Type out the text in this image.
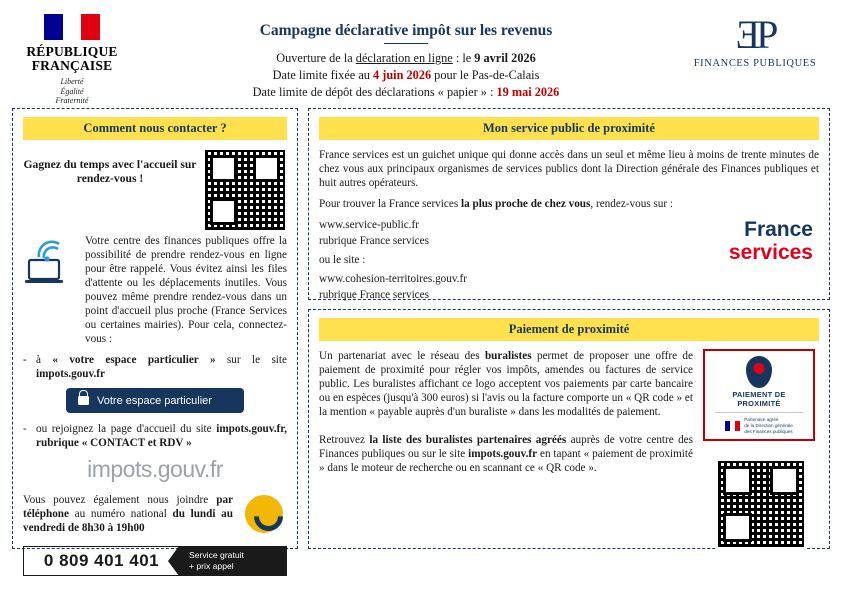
RÉPUBLIQUE
FRANÇAISE
Liberté
Égalité
Fraternité
Campagne déclarative impôt sur les revenus
Ouverture de la déclaration en ligne : le 9 avril 2026
Date limite fixée au 4 juin 2026 pour le Pas-de-Calais
Date limite de dépôt des déclarations « papier » : 19 mai 2026
ƎP
FINANCES PUBLIQUES
Comment nous contacter ?
Gagnez du temps avec l'accueil sur rendez-vous !

Votre centre des finances publiques offre la possibilité de prendre rendez-vous en ligne pour être rappelé. Vous évitez ainsi les files d'attente ou les déplacements inutiles. Vous pouvez même prendre rendez-vous dans un point d'accueil plus proche (France Services ou certaines mairies). Pour cela, connectez-vous :

- à « votre espace particulier » sur le site impots.gouv.fr
Votre espace particulier
- ou rejoignez la page d'accueil du site impots.gouv.fr, rubrique « CONTACT et RDV »
impots.gouv.fr
Vous pouvez également nous joindre par téléphone au numéro national du lundi au vendredi de 8h30 à 19h00
0 809 401 401	Service gratuit
+ prix appel
Mon service public de proximité

France services est un guichet unique qui donne accès dans un seul et même lieu à moins de trente minutes de chez vous aux principaux organismes de services publics dont la Direction générale des Finances publiques et huit autres opérateurs.

Pour trouver la France services la plus proche de chez vous, rendez-vous sur :

www.service-public.fr

rubrique France services

ou le site :

www.cohesion-territoires.gouv.fr

rubrique France services

France
services
Paiement de proximité

Un partenariat avec le réseau des buralistes permet de proposer une offre de paiement de proximité pour régler vos impôts, amendes ou factures de service public. Les buralistes affichant ce logo acceptent vos paiements par carte bancaire ou en espèces (jusqu'à 300 euros) si l'avis ou la facture comporte un « QR code » et la mention « payable auprès d'un buraliste » dans les modalités de paiement.

Retrouvez la liste des buralistes partenaires agréés auprès de votre centre des Finances publiques ou sur le site impots.gouv.fr en tapant « paiement de proximité » dans le moteur de recherche ou en scannant ce « QR code ».

PAIEMENT DE
PROXIMITÉ
Partenaire agréé
de la Direction générale
des Finances publiques
